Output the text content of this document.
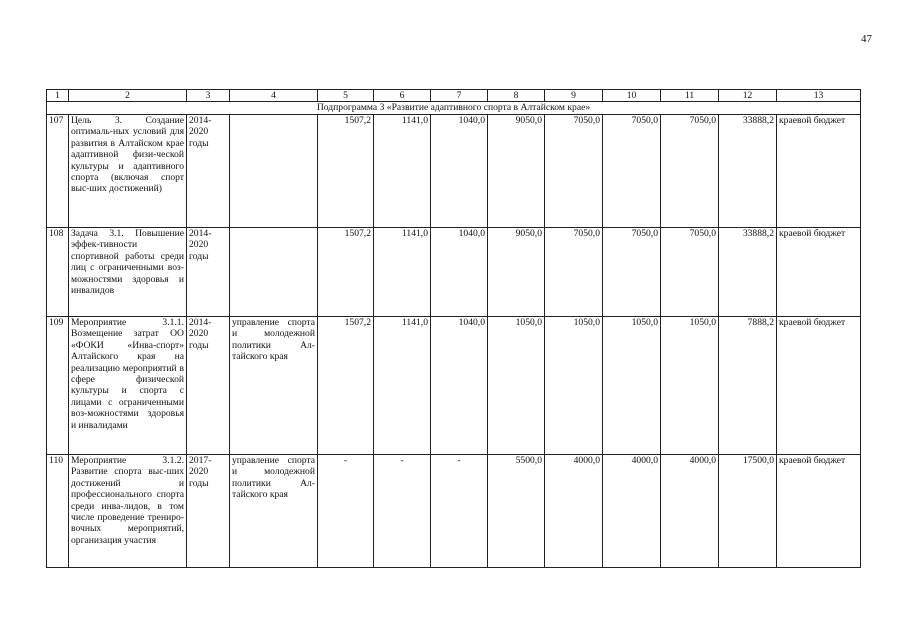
47
1	2	3	4	5	6	7	8	9	10	11	12	13
Подпрограмма 3 «Развитие адаптивного спорта в Алтайском крае»												
107	Цель 3. Создание оптималь-ных условий для развития в Алтайском крае адаптивной физи-ческой культуры и адаптивного спорта (включая спорт выс-ших достижений)	2014-2020 годы		1507,2	1141,0	1040,0	9050,0	7050,0	7050,0	7050,0	33888,2	краевой бюджет
108	Задача 3.1. Повышение эффек-тивности спортивной работы среди лиц с ограниченными воз-можностями здоровья и инвалидов	2014-2020 годы		1507,2	1141,0	1040,0	9050,0	7050,0	7050,0	7050,0	33888,2	краевой бюджет
109	Мероприятие 3.1.1. Возмещение затрат ОО «ФОКИ «Инва-спорт» Алтайского края на реализацию мероприятий в сфере физической культуры и спорта с лицами с ограниченными воз-можностями здоровья и инвалидами	2014-2020 годы	управление спорта и молодежной политики Ал-тайского края	1507,2	1141,0	1040,0	1050,0	1050,0	1050,0	1050,0	7888,2	краевой бюджет
110	Мероприятие 3.1.2. Развитие спорта выс-ших достижений и профессионального спорта среди инва-лидов, в том числе проведение трениро-вочных мероприятий, организация участия	2017-2020 годы	управление спорта и молодежной политики Ал-тайского края	-	-	-	5500,0	4000,0	4000,0	4000,0	17500,0	краевой бюджет
